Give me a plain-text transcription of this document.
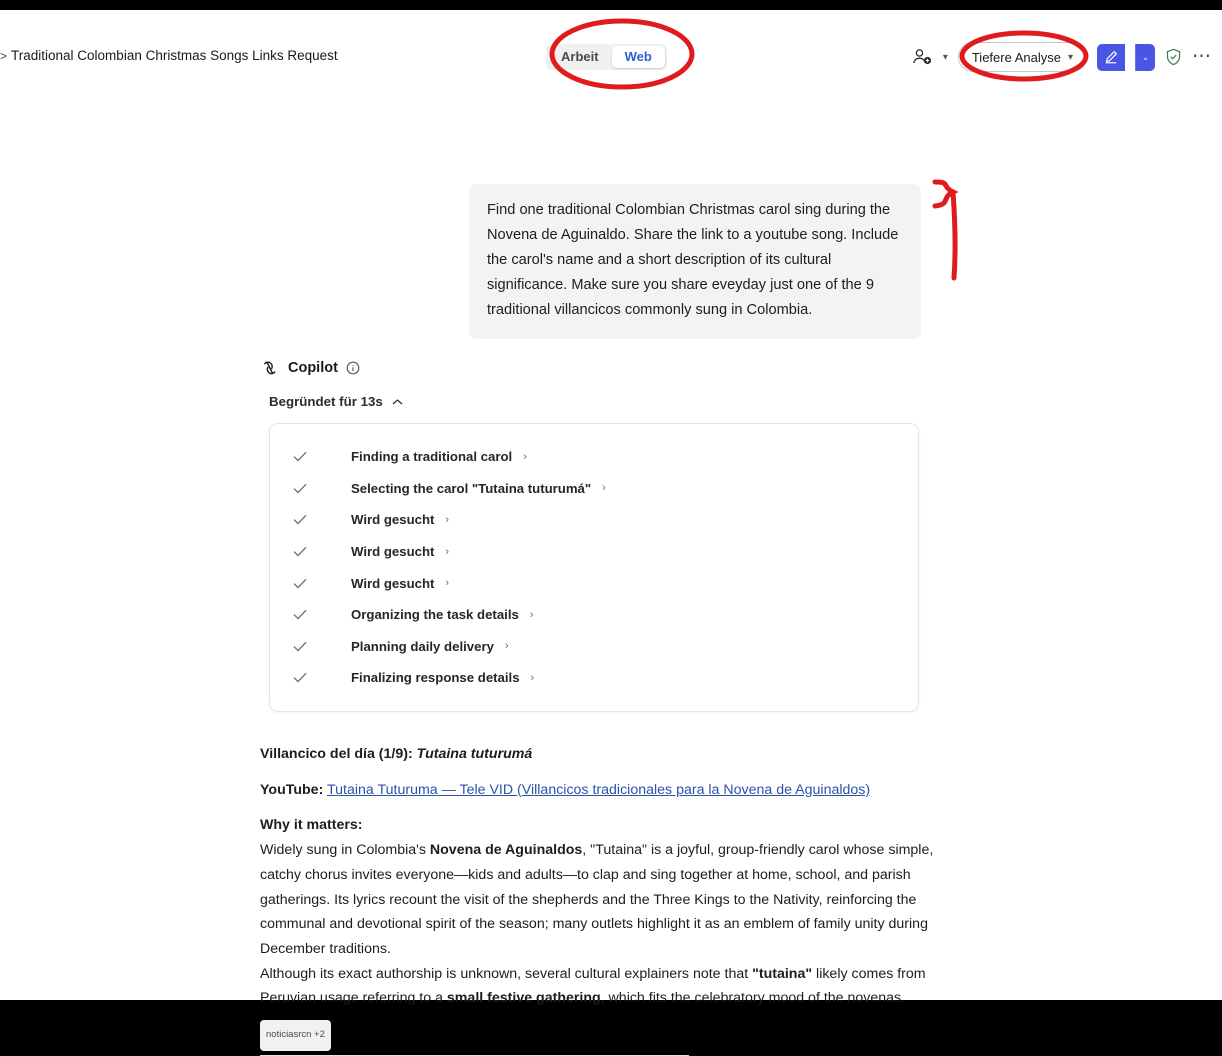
> Traditional Colombian Christmas Songs Links Request	Arbeit	Web	▾ Tiefere Analyse ▾	⌄	⋯
Find one traditional Colombian Christmas carol sing during the Novena de Aguinaldo. Share the link to a youtube song. Include the carol's name and a short description of its cultural significance. Make sure you share eveyday just one of the 9 traditional villancicos commonly sung in Colombia.
Copilot
Begründet für 13s
Finding a traditional carol ›
Selecting the carol "Tutaina tuturumá" ›
Wird gesucht ›
Wird gesucht ›
Wird gesucht ›
Organizing the task details ›
Planning daily delivery ›
Finalizing response details ›

Villancico del día (1/9): Tutaina tuturumá

YouTube: Tutaina Tuturuma — Tele VID (Villancicos tradicionales para la Novena de Aguinaldos)

Why it matters:

Widely sung in Colombia's Novena de Aguinaldos, "Tutaina" is a joyful, group-friendly carol whose simple, catchy chorus invites everyone—kids and adults—to clap and sing together at home, school, and parish gatherings. Its lyrics recount the visit of the shepherds and the Three Kings to the Nativity, reinforcing the communal and devotional spirit of the season; many outlets highlight it as an emblem of family unity during December traditions.

Although its exact authorship is unknown, several cultural explainers note that "tutaina" likely comes from Peruvian usage referring to a small festive gathering, which fits the celebratory mood of the novenas.

noticiasrcn +2
